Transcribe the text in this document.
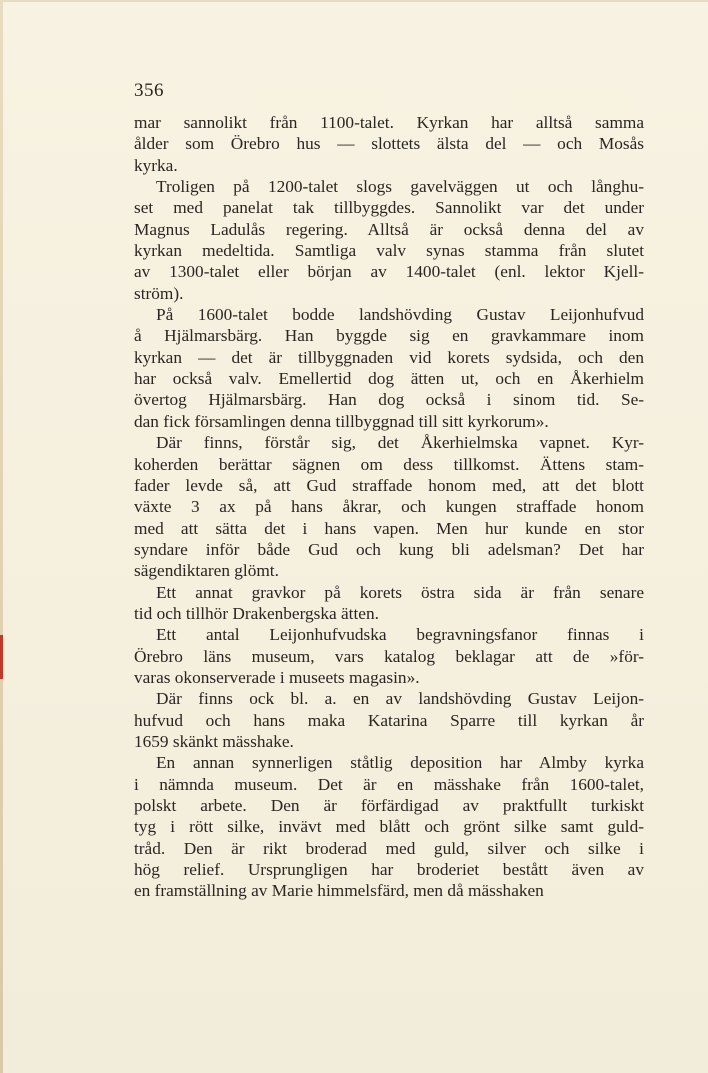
356

mar sannolikt från 1100-talet. Kyrkan har alltså samma
ålder som Örebro hus — slottets älsta del — och Mosås
kyrka.

Troligen på 1200-talet slogs gavelväggen ut och långhu-
set med panelat tak tillbyggdes. Sannolikt var det under
Magnus Ladulås regering. Alltså är också denna del av
kyrkan medeltida. Samtliga valv synas stamma från slutet
av 1300-talet eller början av 1400-talet (enl. lektor Kjell-
ström).

På 1600-talet bodde landshövding Gustav Leijonhufvud
å Hjälmarsbärg. Han byggde sig en gravkammare inom
kyrkan — det är tillbyggnaden vid korets sydsida, och den
har också valv. Emellertid dog ätten ut, och en Åkerhielm
övertog Hjälmarsbärg. Han dog också i sinom tid. Se-
dan fick församlingen denna tillbyggnad till sitt kyrkorum».

Där finns, förstår sig, det Åkerhielmska vapnet. Kyr-
koherden berättar sägnen om dess tillkomst. Ättens stam-
fader levde så, att Gud straffade honom med, att det blott
växte 3 ax på hans åkrar, och kungen straffade honom
med att sätta det i hans vapen. Men hur kunde en stor
syndare inför både Gud och kung bli adelsman? Det har
sägendiktaren glömt.

Ett annat gravkor på korets östra sida är från senare
tid och tillhör Drakenbergska ätten.

Ett antal Leijonhufvudska begravningsfanor finnas i
Örebro läns museum, vars katalog beklagar att de »för-
varas okonserverade i museets magasin».

Där finns ock bl. a. en av landshövding Gustav Leijon-
hufvud och hans maka Katarina Sparre till kyrkan år
1659 skänkt mässhake.

En annan synnerligen ståtlig deposition har Almby kyrka
i nämnda museum. Det är en mässhake från 1600-talet,
polskt arbete. Den är förfärdigad av praktfullt turkiskt
tyg i rött silke, invävt med blått och grönt silke samt guld-
tråd. Den är rikt broderad med guld, silver och silke i
hög relief. Ursprungligen har broderiet bestått även av
en framställning av Marie himmelsfärd, men då mässhaken
